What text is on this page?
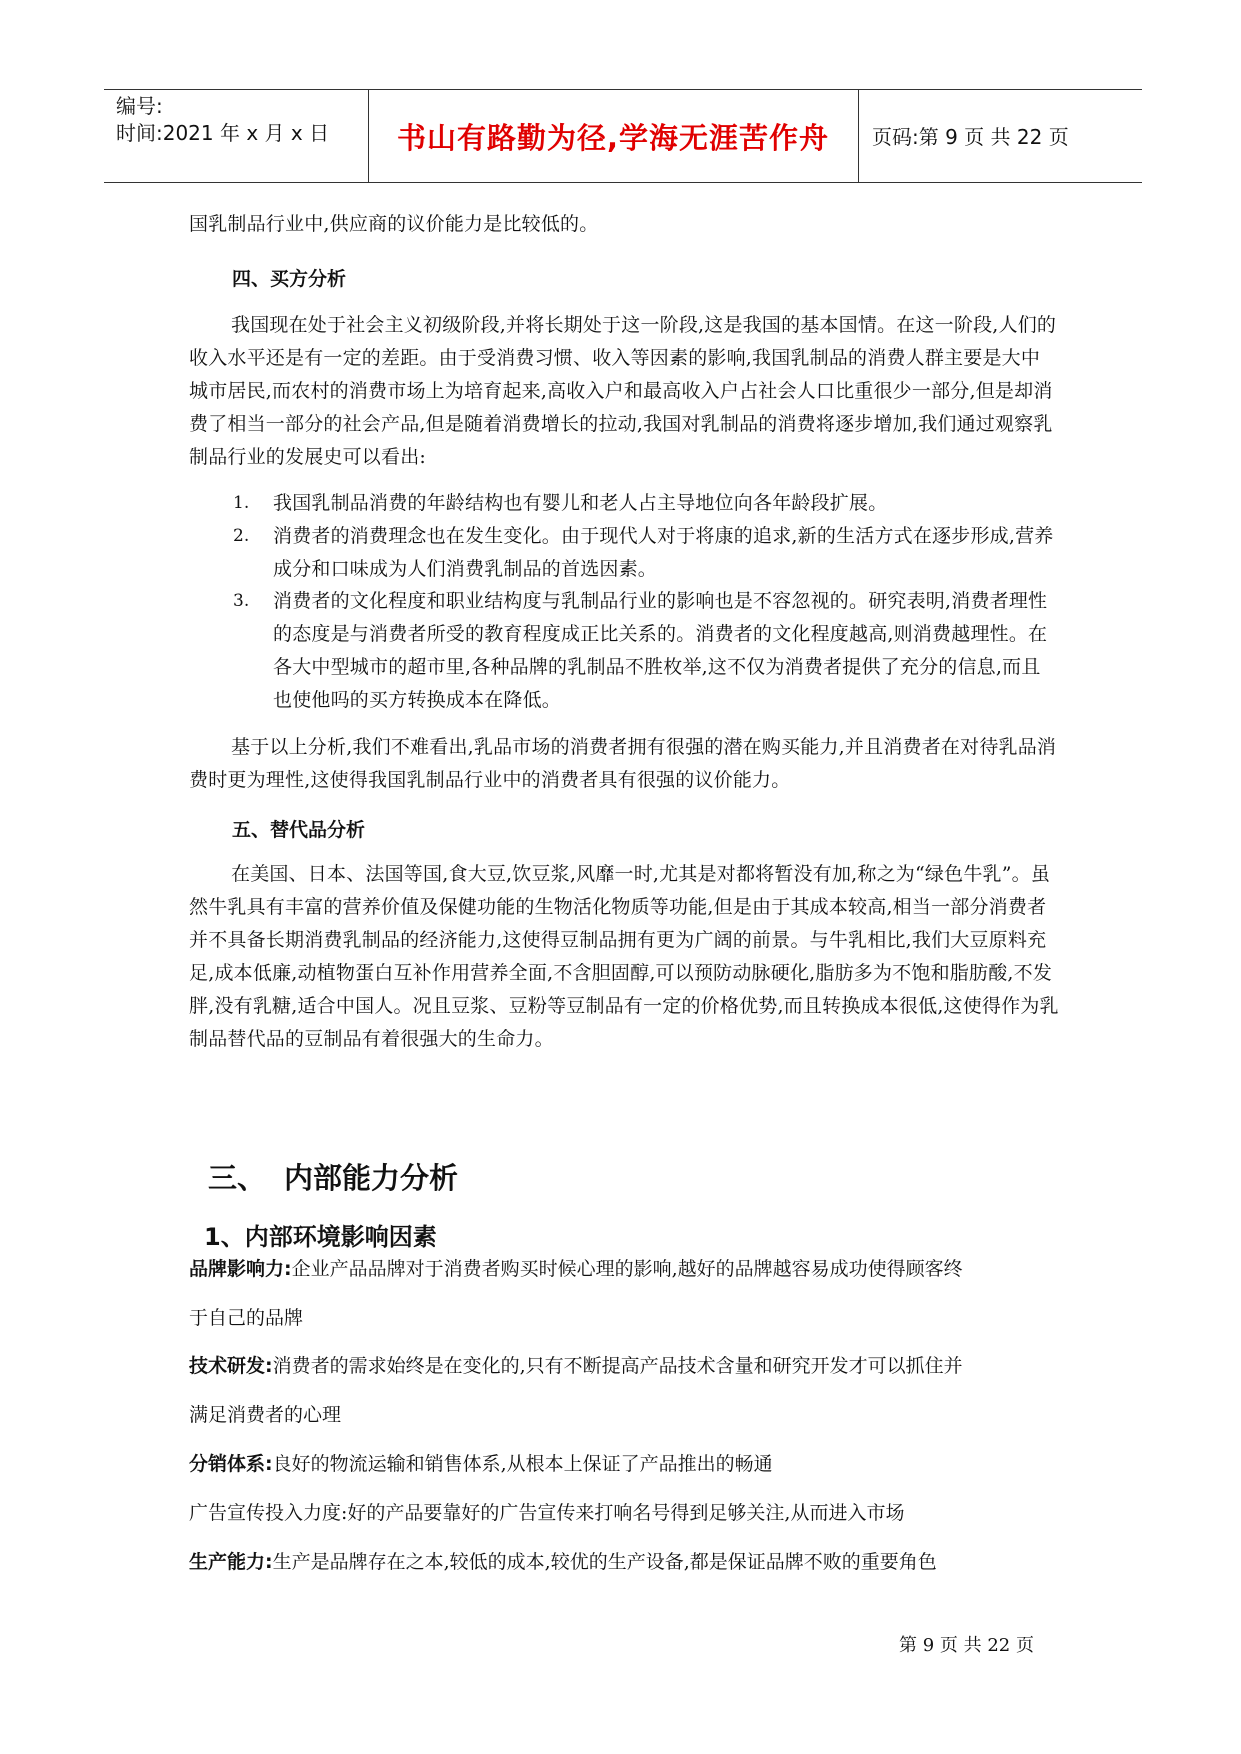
编号:
时间:2021 年 x 月 x 日	书山有路勤为径,学海无涯苦作舟	页码:第 9 页 共 22 页
国乳制品行业中,供应商的议价能力是比较低的。
四、买方分析
我国现在处于社会主义初级阶段,并将长期处于这一阶段,这是我国的基本国情。在这一阶段,人们的收入水平还是有一定的差距。由于受消费习惯、收入等因素的影响,我国乳制品的消费人群主要是大中城市居民,而农村的消费市场上为培育起来,高收入户和最高收入户占社会人口比重很少一部分,但是却消费了相当一部分的社会产品,但是随着消费增长的拉动,我国对乳制品的消费将逐步增加,我们通过观察乳制品行业的发展史可以看出:
1. 我国乳制品消费的年龄结构也有婴儿和老人占主导地位向各年龄段扩展。
2. 消费者的消费理念也在发生变化。由于现代人对于将康的追求,新的生活方式在逐步形成,营养成分和口味成为人们消费乳制品的首选因素。
3. 消费者的文化程度和职业结构度与乳制品行业的影响也是不容忽视的。研究表明,消费者理性的态度是与消费者所受的教育程度成正比关系的。消费者的文化程度越高,则消费越理性。在各大中型城市的超市里,各种品牌的乳制品不胜枚举,这不仅为消费者提供了充分的信息,而且也使他吗的买方转换成本在降低。
基于以上分析,我们不难看出,乳品市场的消费者拥有很强的潜在购买能力,并且消费者在对待乳品消费时更为理性,这使得我国乳制品行业中的消费者具有很强的议价能力。
五、替代品分析
在美国、日本、法国等国,食大豆,饮豆浆,风靡一时,尤其是对都将暂没有加,称之为“绿色牛乳”。虽然牛乳具有丰富的营养价值及保健功能的生物活化物质等功能,但是由于其成本较高,相当一部分消费者并不具备长期消费乳制品的经济能力,这使得豆制品拥有更为广阔的前景。与牛乳相比,我们大豆原料充足,成本低廉,动植物蛋白互补作用营养全面,不含胆固醇,可以预防动脉硬化,脂肪多为不饱和脂肪酸,不发胖,没有乳糖,适合中国人。况且豆浆、豆粉等豆制品有一定的价格优势,而且转换成本很低,这使得作为乳制品替代品的豆制品有着很强大的生命力。
三、 内部能力分析
1、内部环境影响因素
品牌影响力:企业产品品牌对于消费者购买时候心理的影响,越好的品牌越容易成功使得顾客终
于自己的品牌
技术研发:消费者的需求始终是在变化的,只有不断提高产品技术含量和研究开发才可以抓住并
满足消费者的心理
分销体系:良好的物流运输和销售体系,从根本上保证了产品推出的畅通
广告宣传投入力度:好的产品要靠好的广告宣传来打响名号得到足够关注,从而进入市场
生产能力:生产是品牌存在之本,较低的成本,较优的生产设备,都是保证品牌不败的重要角色
第 9 页 共 22 页
